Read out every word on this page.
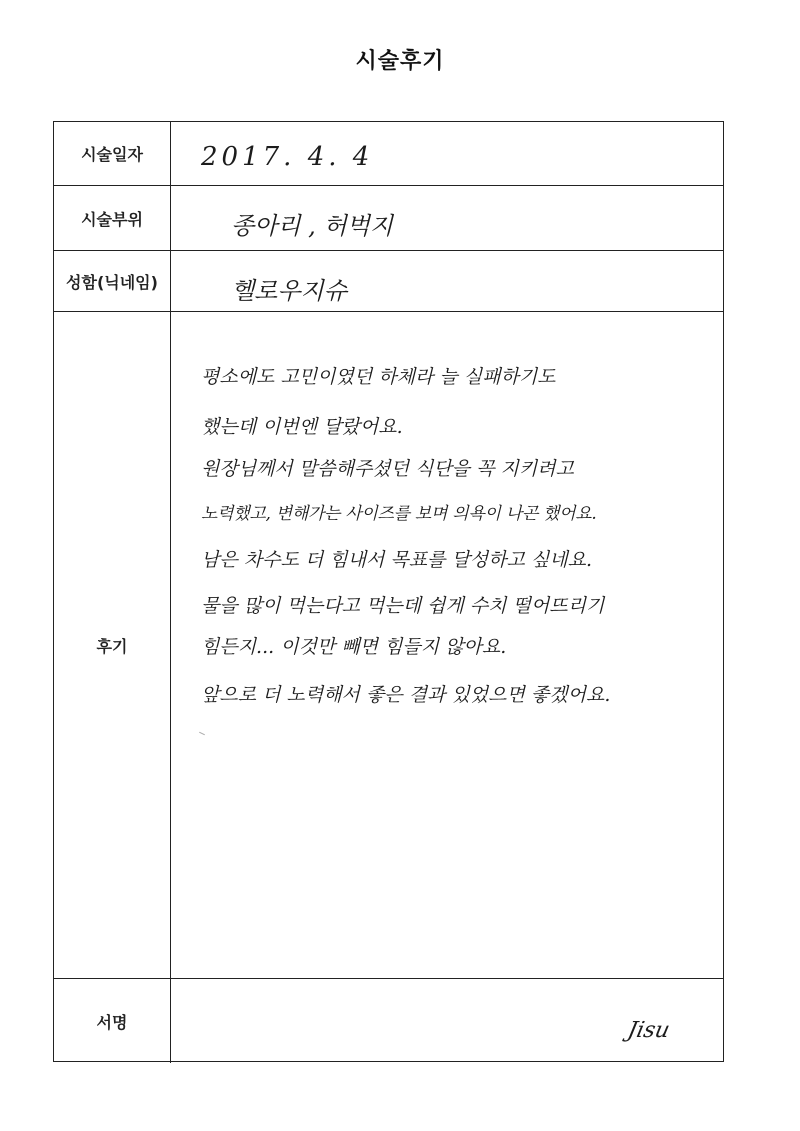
시술후기
시술일자	2017. 4. 4
시술부위	종아리 , 허벅지
성함(닉네임)	헬로우지슈
후기
평소에도 고민이였던 하체라 늘 실패하기도
했는데 이번엔 달랐어요.
원장님께서 말씀해주셨던 식단을 꼭 지키려고
노력했고, 변해가는 사이즈를 보며 의욕이 나곤 했어요.
남은 차수도 더 힘내서 목표를 달성하고 싶네요.
물을 많이 먹는다고 먹는데 쉽게 수치 떨어뜨리기
힘든지... 이것만 빼면 힘들지 않아요.
앞으로 더 노력해서 좋은 결과 있었으면 좋겠어요.
서명	Jisu
